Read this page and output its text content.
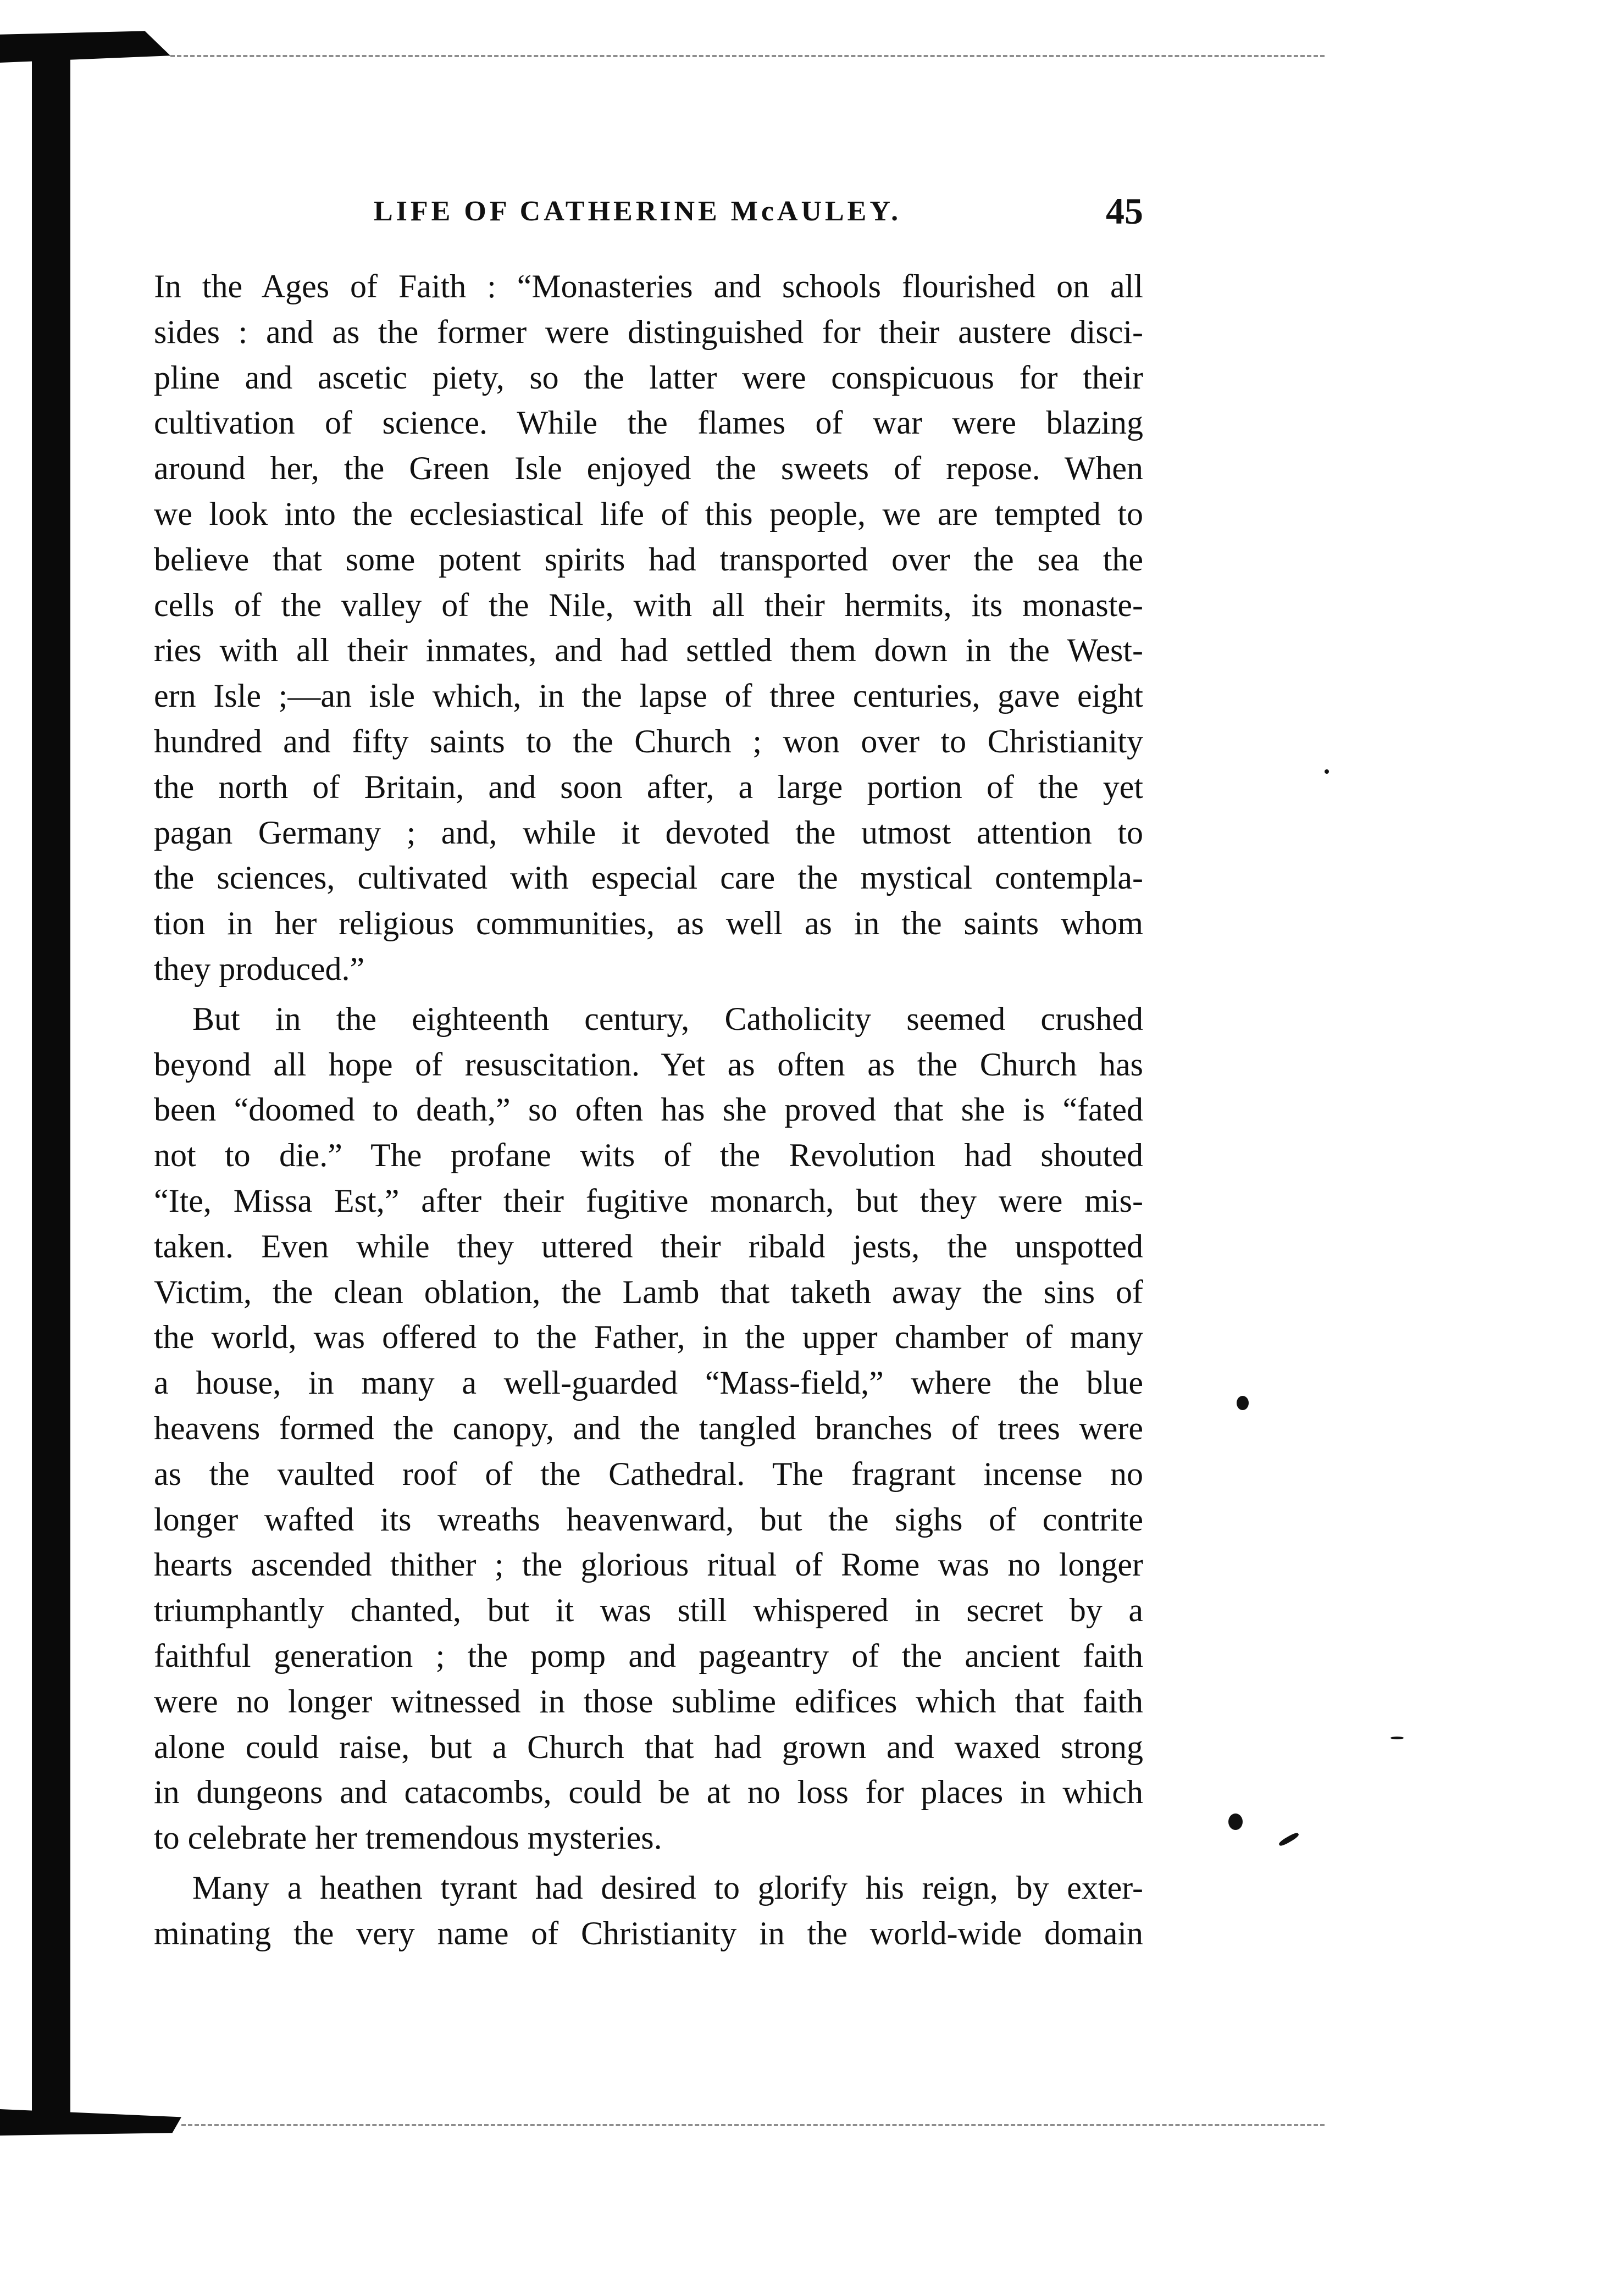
LIFE OF CATHERINE McAULEY.	45
In the Ages of Faith : “Monasteries and schools flourished on all
sides : and as the former were distinguished for their austere disci-
pline and ascetic piety, so the latter were conspicuous for their
cultivation of science. While the flames of war were blazing
around her, the Green Isle enjoyed the sweets of repose. When
we look into the ecclesiastical life of this people, we are tempted to
believe that some potent spirits had transported over the sea the
cells of the valley of the Nile, with all their hermits, its monaste-
ries with all their inmates, and had settled them down in the West-
ern Isle ;—an isle which, in the lapse of three centuries, gave eight
hundred and fifty saints to the Church ; won over to Christianity
the north of Britain, and soon after, a large portion of the yet
pagan Germany ; and, while it devoted the utmost attention to
the sciences, cultivated with especial care the mystical contempla-
tion in her religious communities, as well as in the saints whom
they produced.”
But in the eighteenth century, Catholicity seemed crushed
beyond all hope of resuscitation. Yet as often as the Church has
been “doomed to death,” so often has she proved that she is “fated
not to die.” The profane wits of the Revolution had shouted
“Ite, Missa Est,” after their fugitive monarch, but they were mis-
taken. Even while they uttered their ribald jests, the unspotted
Victim, the clean oblation, the Lamb that taketh away the sins of
the world, was offered to the Father, in the upper chamber of many
a house, in many a well-guarded “Mass-field,” where the blue
heavens formed the canopy, and the tangled branches of trees were
as the vaulted roof of the Cathedral. The fragrant incense no
longer wafted its wreaths heavenward, but the sighs of contrite
hearts ascended thither ; the glorious ritual of Rome was no longer
triumphantly chanted, but it was still whispered in secret by a
faithful generation ; the pomp and pageantry of the ancient faith
were no longer witnessed in those sublime edifices which that faith
alone could raise, but a Church that had grown and waxed strong
in dungeons and catacombs, could be at no loss for places in which
to celebrate her tremendous mysteries.
Many a heathen tyrant had desired to glorify his reign, by exter-
minating the very name of Christianity in the world-wide domain
